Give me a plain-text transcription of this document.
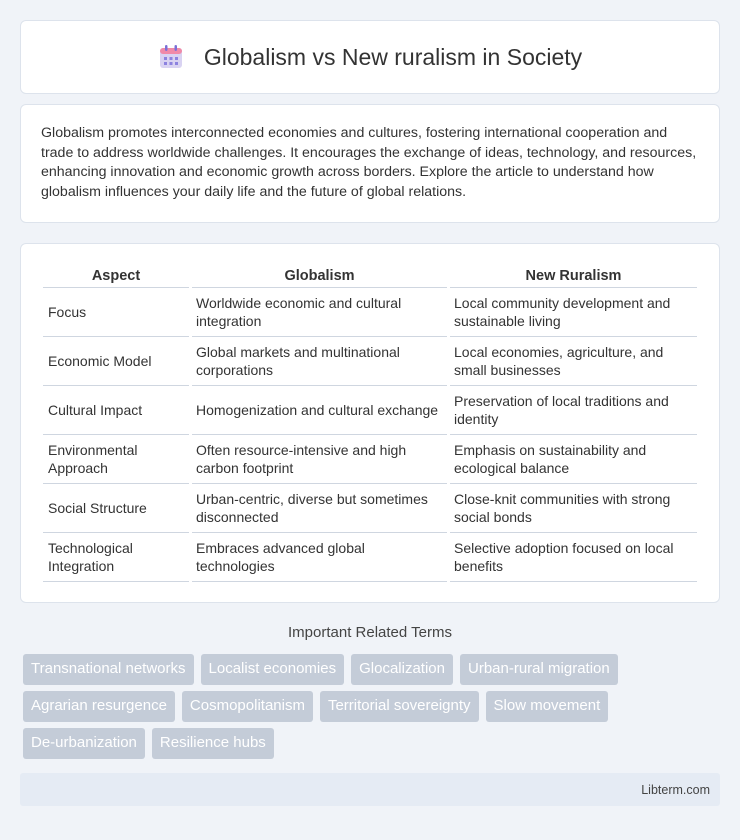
Globalism vs New ruralism in Society

Globalism promotes interconnected economies and cultures, fostering international cooperation and trade to address worldwide challenges. It encourages the exchange of ideas, technology, and resources, enhancing innovation and economic growth across borders. Explore the article to understand how globalism influences your daily life and the future of global relations.

Aspect	Globalism	New Ruralism
Focus	Worldwide economic and cultural integration	Local community development and sustainable living
Economic Model	Global markets and multinational corporations	Local economies, agriculture, and small businesses
Cultural Impact	Homogenization and cultural exchange	Preservation of local traditions and identity
Environmental Approach	Often resource-intensive and high carbon footprint	Emphasis on sustainability and ecological balance
Social Structure	Urban-centric, diverse but sometimes disconnected	Close-knit communities with strong social bonds
Technological Integration	Embraces advanced global technologies	Selective adoption focused on local benefits
Important Related Terms
Transnational networks	Localist economies	Glocalization	Urban-rural migration
Agrarian resurgence	Cosmopolitanism	Territorial sovereignty	Slow movement
De-urbanization	Resilience hubs
Libterm.com
